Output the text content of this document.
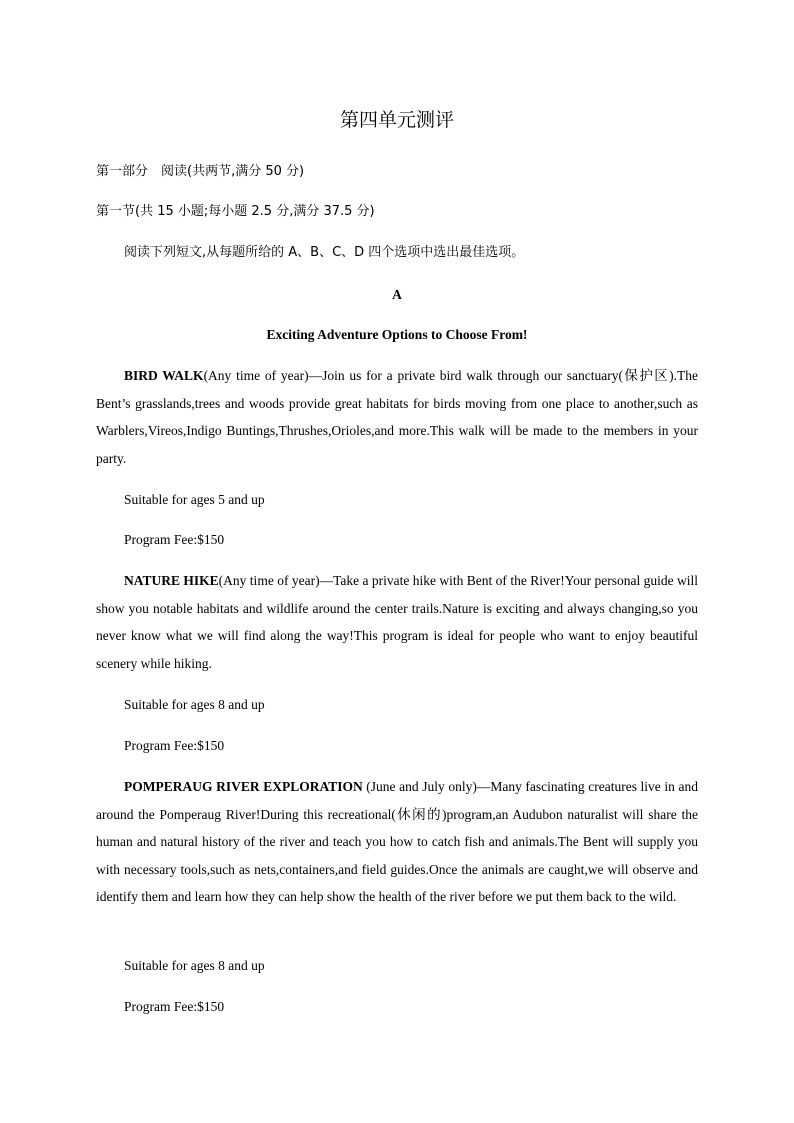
第四单元测评
第一部分　阅读(共两节,满分 50 分)
第一节(共 15 小题;每小题 2.5 分,满分 37.5 分)
阅读下列短文,从每题所给的 A、B、C、D 四个选项中选出最佳选项。
A
Exciting Adventure Options to Choose From!
BIRD WALK(Any time of year)—Join us for a private bird walk through our sanctuary(保护区).The Bent’s grasslands,trees and woods provide great habitats for birds moving from one place to another,such as Warblers,Vireos,Indigo Buntings,Thrushes,Orioles,and more.This walk will be made to the members in your party.
Suitable for ages 5 and up
Program Fee:$150
NATURE HIKE(Any time of year)—Take a private hike with Bent of the River!Your personal guide will show you notable habitats and wildlife around the center trails.Nature is exciting and always changing,so you never know what we will find along the way!This program is ideal for people who want to enjoy beautiful scenery while hiking.
Suitable for ages 8 and up
Program Fee:$150
POMPERAUG RIVER EXPLORATION (June and July only)—Many fascinating creatures live in and around the Pomperaug River!During this recreational(休闲的)program,an Audubon naturalist will share the human and natural history of the river and teach you how to catch fish and animals.The Bent will supply you with necessary tools,such as nets,containers,and field guides.Once the animals are caught,we will observe and identify them and learn how they can help show the health of the river before we put them back to the wild.
Suitable for ages 8 and up
Program Fee:$150
